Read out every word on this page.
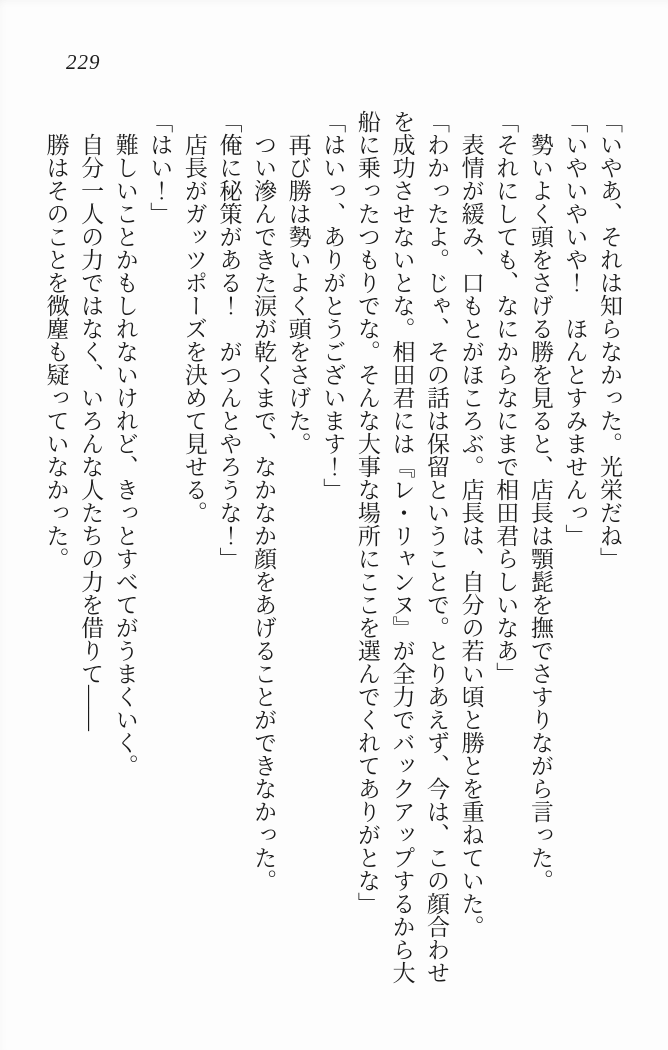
229

「いやあ、それは知らなかった。光栄だね」

「いやいやいや！　ほんとすみませんっ」

勢いよく頭をさげる勝を見ると、店長は顎髭を撫でさすりながら言った。

「それにしても、なにからなにまで相田君らしいなあ」

表情が緩み、口もとがほころぶ。店長は、自分の若い頃と勝とを重ねていた。

「わかったよ。じゃ、その話は保留ということで。とりあえず、今は、この顔合わせを成功させないとな。相田君には『レ・リャンヌ』が全力でバックアップするから大船に乗ったつもりでな。そんな大事な場所にここを選んでくれてありがとな」

「はいっ、ありがとうございます！」

再び勝は勢いよく頭をさげた。

つい滲んできた涙が乾くまで、なかなか顔をあげることができなかった。

「俺に秘策がある！　がつんとやろうな！」

店長がガッツポーズを決めて見せる。

「はい！」

難しいことかもしれないけれど、きっとすべてがうまくいく。

自分一人の力ではなく、いろんな人たちの力を借りて――

勝はそのことを微塵も疑っていなかった。
